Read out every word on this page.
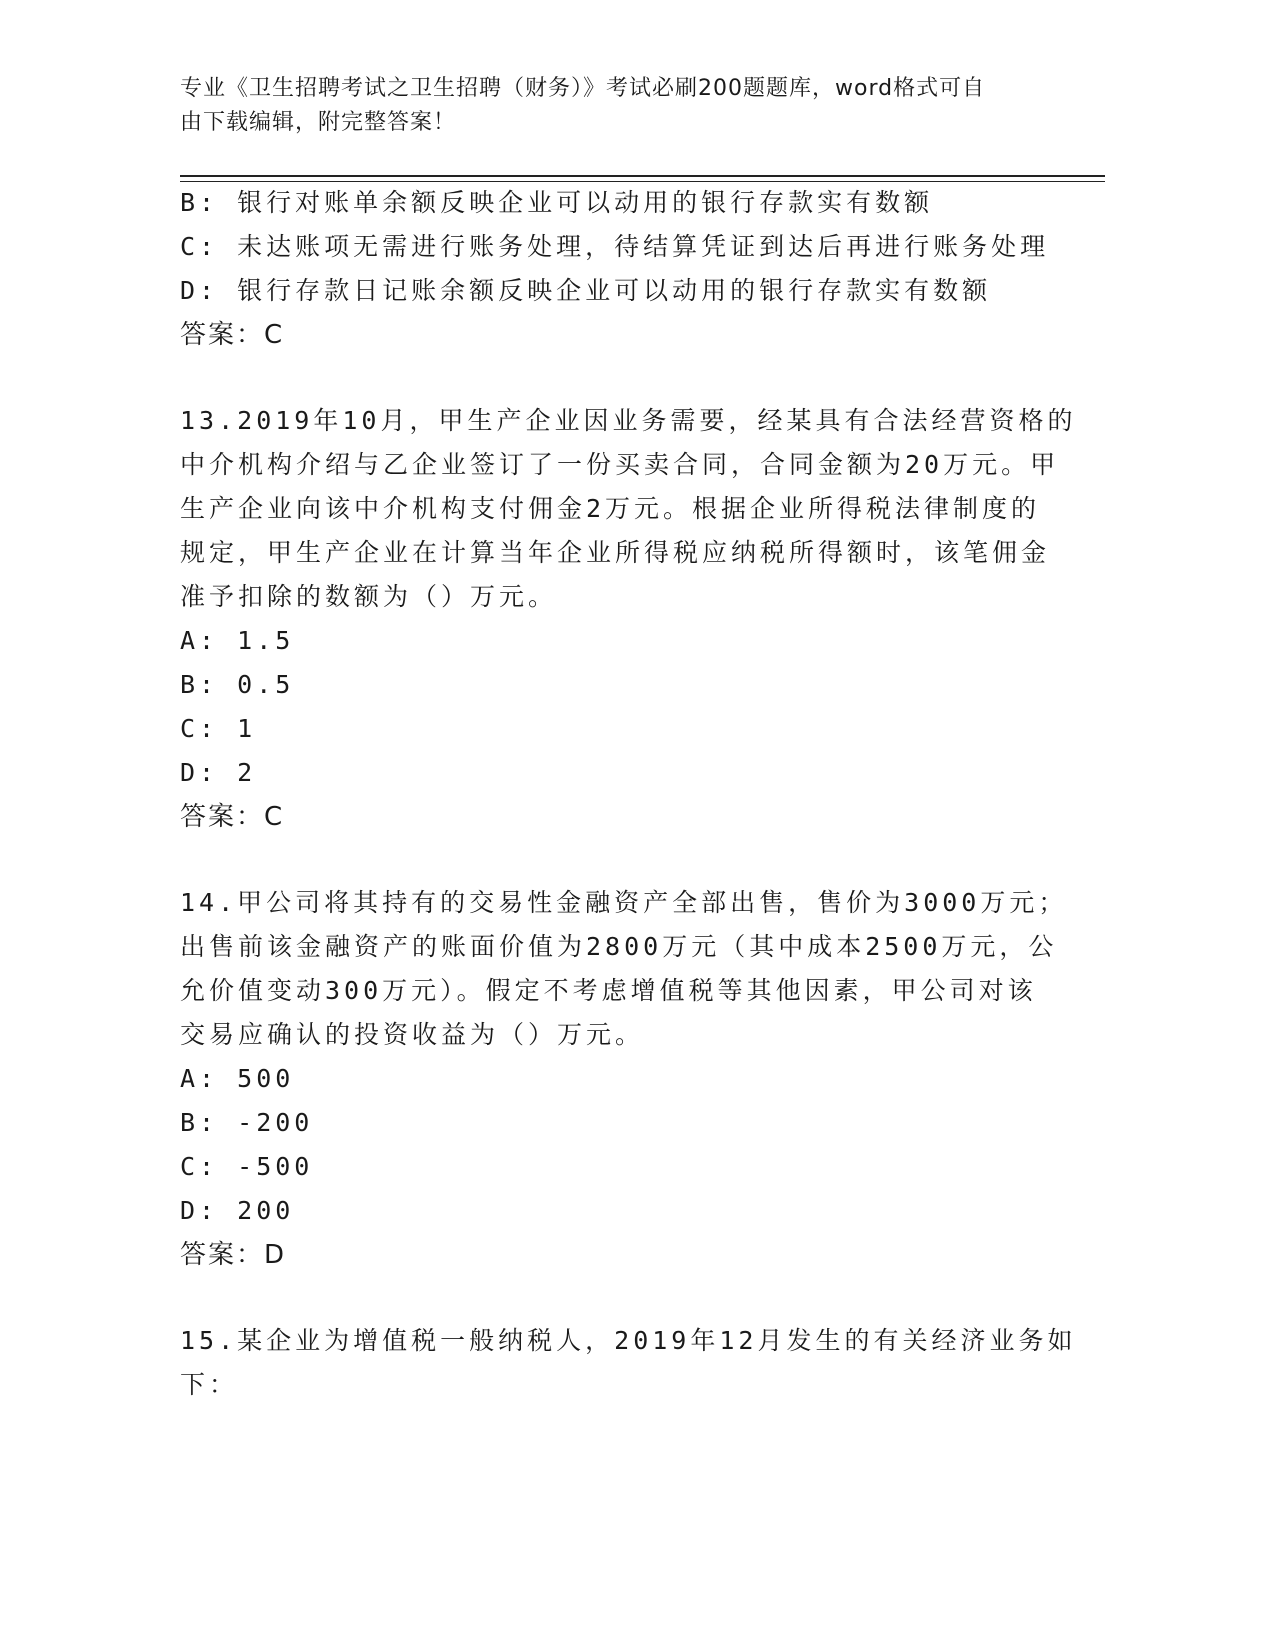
专业《卫生招聘考试之卫生招聘（财务）》考试必刷200题题库，word格式可自
由下载编辑，附完整答案！
B: 银行对账单余额反映企业可以动用的银行存款实有数额
C: 未达账项无需进行账务处理，待结算凭证到达后再进行账务处理
D: 银行存款日记账余额反映企业可以动用的银行存款实有数额
答案：C
13.2019年10月，甲生产企业因业务需要，经某具有合法经营资格的
中介机构介绍与乙企业签订了一份买卖合同，合同金额为20万元。甲
生产企业向该中介机构支付佣金2万元。根据企业所得税法律制度的
规定，甲生产企业在计算当年企业所得税应纳税所得额时，该笔佣金
准予扣除的数额为（）万元。
A: 1.5
B: 0.5
C: 1
D: 2
答案：C
14.甲公司将其持有的交易性金融资产全部出售，售价为3000万元；
出售前该金融资产的账面价值为2800万元（其中成本2500万元，公
允价值变动300万元）。假定不考虑增值税等其他因素，甲公司对该
交易应确认的投资收益为（）万元。
A: 500
B: -200
C: -500
D: 200
答案：D
15.某企业为增值税一般纳税人，2019年12月发生的有关经济业务如
下：
